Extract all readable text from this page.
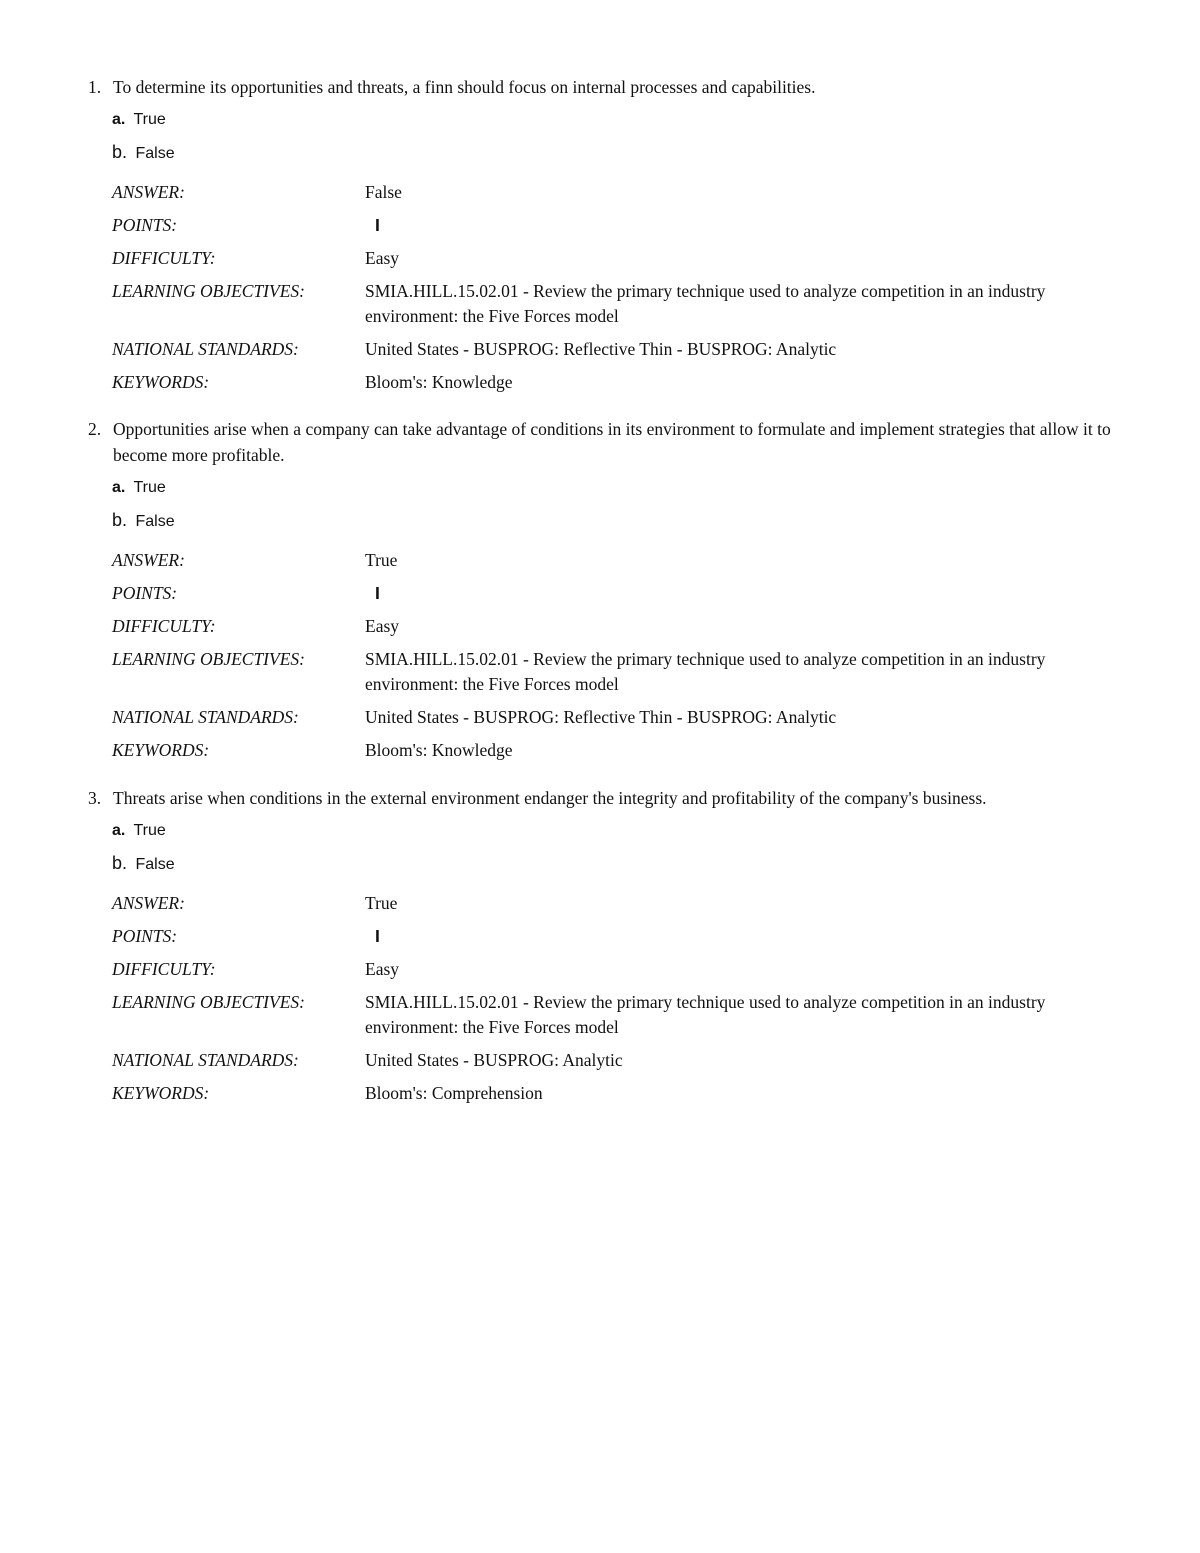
1. To determine its opportunities and threats, a finn should focus on internal processes and capabilities.
a. True
b. False
ANSWER:	False
POINTS:	I
DIFFICULTY:	Easy
LEARNING OBJECTIVES:	SMIA.HILL.15.02.01 - Review the primary technique used to analyze competition in an industry environment: the Five Forces model
NATIONAL STANDARDS:	United States - BUSPROG: Reflective Thin - BUSPROG: Analytic
KEYWORDS:	Bloom's: Knowledge
2. Opportunities arise when a company can take advantage of conditions in its environment to formulate and implement strategies that allow it to become more profitable.
a. True
b. False
ANSWER:	True
POINTS:	I
DIFFICULTY:	Easy
LEARNING OBJECTIVES:	SMIA.HILL.15.02.01 - Review the primary technique used to analyze competition in an industry environment: the Five Forces model
NATIONAL STANDARDS:	United States - BUSPROG: Reflective Thin - BUSPROG: Analytic
KEYWORDS:	Bloom's: Knowledge
3. Threats arise when conditions in the external environment endanger the integrity and profitability of the company's business.
a. True
b. False
ANSWER:	True
POINTS:	I
DIFFICULTY:	Easy
LEARNING OBJECTIVES:	SMIA.HILL.15.02.01 - Review the primary technique used to analyze competition in an industry environment: the Five Forces model
NATIONAL STANDARDS:	United States - BUSPROG: Analytic
KEYWORDS:	Bloom's: Comprehension
